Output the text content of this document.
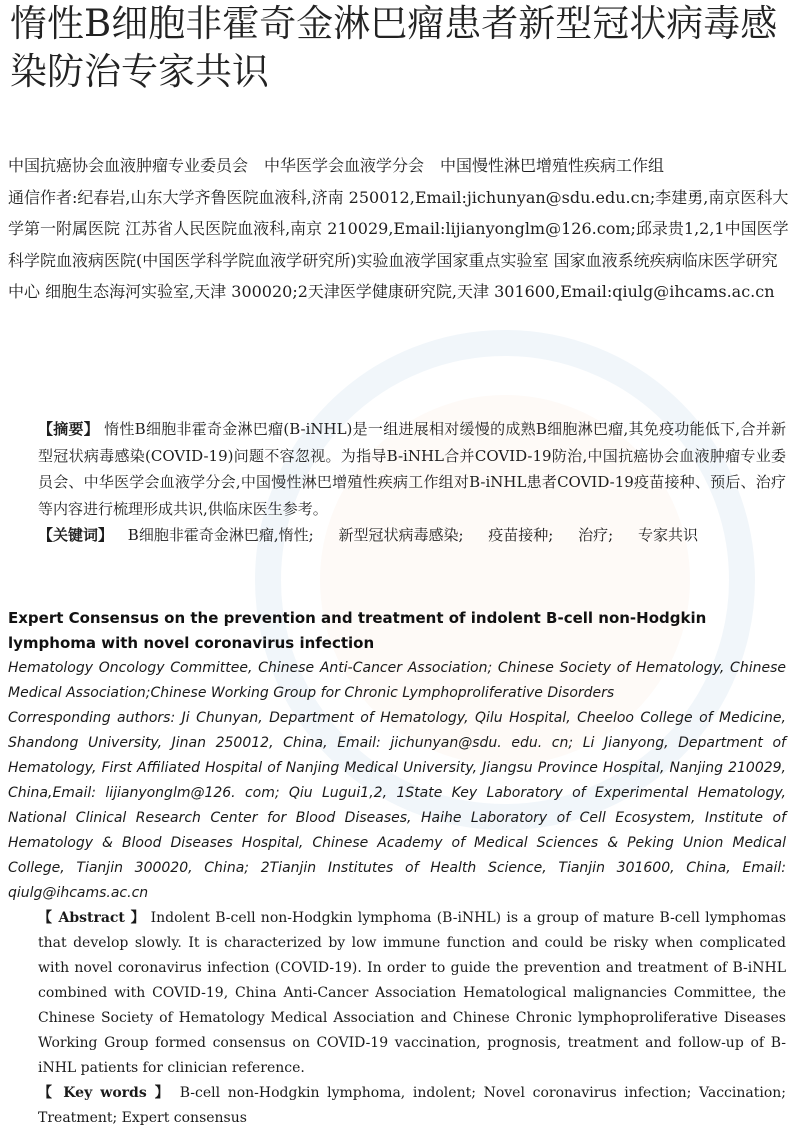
惰性B细胞非霍奇金淋巴瘤患者新型冠状病毒感染防治专家共识

中国抗癌协会血液肿瘤专业委员会　中华医学会血液学分会　中国慢性淋巴增殖性疾病工作组

通信作者:纪春岩,山东大学齐鲁医院血液科,济南 250012,Email:jichunyan@sdu.edu.cn;李建勇,南京医科大学第一附属医院 江苏省人民医院血液科,南京 210029,Email:lijianyonglm@126.com;邱录贵1,2,1中国医学科学院血液病医院(中国医学科学院血液学研究所)实验血液学国家重点实验室 国家血液系统疾病临床医学研究中心 细胞生态海河实验室,天津 300020;2天津医学健康研究院,天津 301600,Email:qiulg@ihcams.ac.cn

【摘要】 惰性B细胞非霍奇金淋巴瘤(B-iNHL)是一组进展相对缓慢的成熟B细胞淋巴瘤,其免疫功能低下,合并新型冠状病毒感染(COVID-19)问题不容忽视。为指导B-iNHL合并COVID-19防治,中国抗癌协会血液肿瘤专业委员会、中华医学会血液学分会,中国慢性淋巴增殖性疾病工作组对B-iNHL患者COVID-19疫苗接种、预后、治疗等内容进行梳理形成共识,供临床医生参考。

【关键词】 B细胞非霍奇金淋巴瘤,惰性; 新型冠状病毒感染; 疫苗接种; 治疗; 专家共识

Expert Consensus on the prevention and treatment of indolent B-cell non-Hodgkin lymphoma with novel coronavirus infection

Hematology Oncology Committee, Chinese Anti-Cancer Association; Chinese Society of Hematology, Chinese Medical Association;Chinese Working Group for Chronic Lymphoproliferative Disorders

Corresponding authors: Ji Chunyan, Department of Hematology, Qilu Hospital, Cheeloo College of Medicine, Shandong University, Jinan 250012, China, Email: jichunyan@sdu. edu. cn; Li Jianyong, Department of Hematology, First Affiliated Hospital of Nanjing Medical University, Jiangsu Province Hospital, Nanjing 210029, China,Email: lijianyonglm@126. com; Qiu Lugui1,2, 1State Key Laboratory of Experimental Hematology, National Clinical Research Center for Blood Diseases, Haihe Laboratory of Cell Ecosystem, Institute of Hematology & Blood Diseases Hospital, Chinese Academy of Medical Sciences & Peking Union Medical College, Tianjin 300020, China; 2Tianjin Institutes of Health Science, Tianjin 301600, China, Email: qiulg@ihcams.ac.cn

【 Abstract 】 Indolent B-cell non-Hodgkin lymphoma (B-iNHL) is a group of mature B-cell lymphomas that develop slowly. It is characterized by low immune function and could be risky when complicated with novel coronavirus infection (COVID-19). In order to guide the prevention and treatment of B-iNHL combined with COVID-19, China Anti-Cancer Association Hematological malignancies Committee, the Chinese Society of Hematology Medical Association and Chinese Chronic lymphoproliferative Diseases Working Group formed consensus on COVID-19 vaccination, prognosis, treatment and follow-up of B-iNHL patients for clinician reference.

【 Key words 】 B-cell non-Hodgkin lymphoma, indolent; Novel coronavirus infection; Vaccination; Treatment; Expert consensus
